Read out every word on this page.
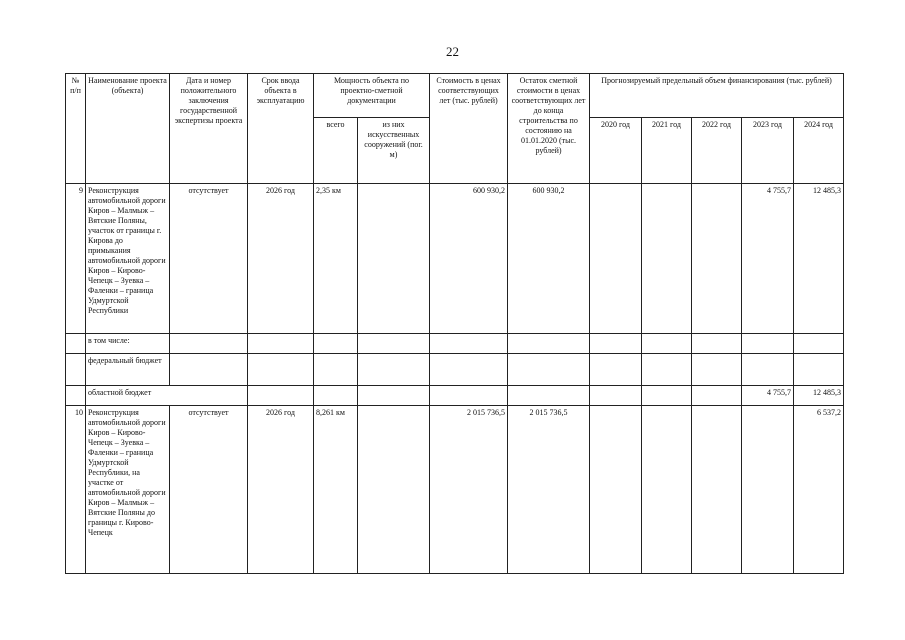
22
№ п/п	Наименование проекта (объекта)	Дата и номер положительного заключения государственной экспертизы проекта	Срок ввода объекта в эксплуатацию	Мощность объекта по проектно-сметной документации		Стоимость в ценах соответствующих лет (тыс. рублей)	Остаток сметной стоимости в ценах соответствующих лет до конца строительства по состоянию на 01.01.2020 (тыс. рублей)	Прогнозируемый предельный объем финансирования (тыс. рублей)				
				всего	из них искусственных сооружений (пог. м)			2020 год	2021 год	2022 год	2023 год	2024 год
9	Реконструкция автомобильной дороги Киров – Малмыж – Вятские Поляны, участок от границы г. Кирова до примыкания автомобильной дороги Киров – Кирово-Чепецк – Зуевка – Фаленки – граница Удмуртской Республики	отсутствует	2026 год	2,35 км		600 930,2	600 930,2				4 755,7	12 485,3
	в том числе:											
	федеральный бюджет											
	областной бюджет										4 755,7	12 485,3
10	Реконструкция автомобильной дороги Киров – Кирово-Чепецк – Зуевка – Фаленки – граница Удмуртской Республики, на участке от автомобильной дороги Киров – Малмыж – Вятские Поляны до границы г. Кирово-Чепецк	отсутствует	2026 год	8,261 км		2 015 736,5	2 015 736,5					6 537,2
